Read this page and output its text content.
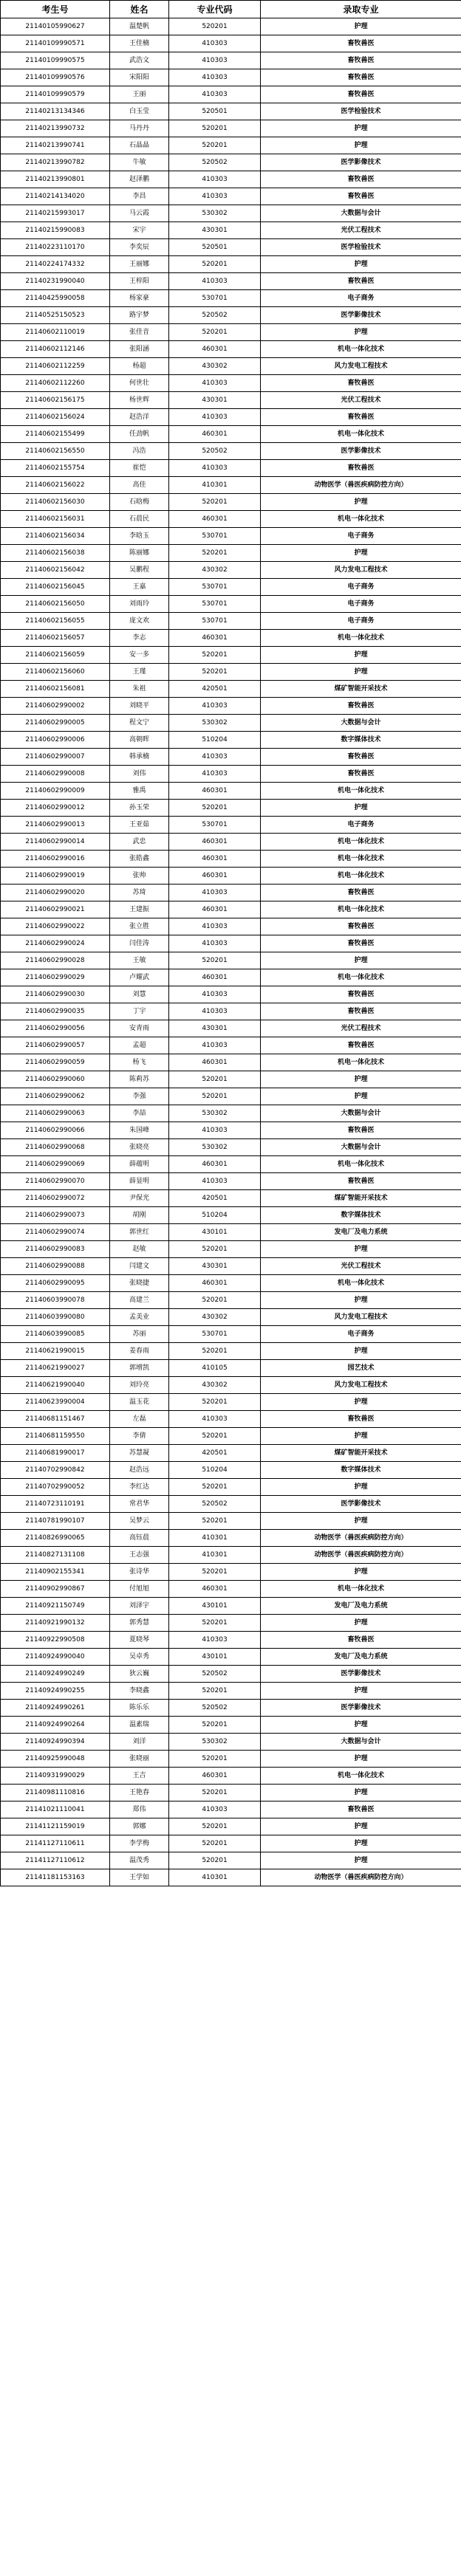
考生号	姓名	专业代码	录取专业
21140105990627	温楚帆	520201	护理
21140109990571	王佳楠	410303	畜牧兽医
21140109990575	武浩文	410303	畜牧兽医
21140109990576	宋阳阳	410303	畜牧兽医
21140109990579	王丽	410303	畜牧兽医
21140213134346	白玉莹	520501	医学检验技术
21140213990732	马丹丹	520201	护理
21140213990741	石晶晶	520201	护理
21140213990782	牛敏	520502	医学影像技术
21140213990801	赵泽鹏	410303	畜牧兽医
21140214134020	李昌	410303	畜牧兽医
21140215993017	马云霞	530302	大数据与会计
21140215990083	宋宇	430301	光伏工程技术
21140223110170	李奕辰	520501	医学检验技术
21140224174332	王丽娜	520201	护理
21140231990040	王梓阳	410303	畜牧兽医
21140425990058	杨家豪	530701	电子商务
21140525150523	路宇梦	520502	医学影像技术
21140602110019	张佳音	520201	护理
21140602112146	张阳涵	460301	机电一体化技术
21140602112259	杨超	430302	风力发电工程技术
21140602112260	何世壮	410303	畜牧兽医
21140602156175	杨世辉	430301	光伏工程技术
21140602156024	赵浩洋	410303	畜牧兽医
21140602155499	任劲帆	460301	机电一体化技术
21140602156550	冯浩	520502	医学影像技术
21140602155754	崔恺	410303	畜牧兽医
21140602156022	高佳	410301	动物医学（兽医疾病防控方向）
21140602156030	石晗梅	520201	护理
21140602156031	石晨民	460301	机电一体化技术
21140602156034	李晗玉	530701	电子商务
21140602156038	陈丽娜	520201	护理
21140602156042	吴鹏程	430302	风力发电工程技术
21140602156045	王嘉	530701	电子商务
21140602156050	刘雨玲	530701	电子商务
21140602156055	庞文欢	530701	电子商务
21140602156057	李志	460301	机电一体化技术
21140602156059	安一多	520201	护理
21140602156060	王瑾	520201	护理
21140602156081	朱祖	420501	煤矿智能开采技术
21140602990002	刘晓平	410303	畜牧兽医
21140602990005	程文宁	530302	大数据与会计
21140602990006	高朝晖	510204	数字媒体技术
21140602990007	韩承楠	410303	畜牧兽医
21140602990008	刘伟	410303	畜牧兽医
21140602990009	雅禹	460301	机电一体化技术
21140602990012	孙玉荣	520201	护理
21140602990013	王亚茹	530701	电子商务
21140602990014	武忠	460301	机电一体化技术
21140602990016	张皓鑫	460301	机电一体化技术
21140602990019	张帅	460301	机电一体化技术
21140602990020	苏琦	410303	畜牧兽医
21140602990021	王建振	460301	机电一体化技术
21140602990022	张立胜	410303	畜牧兽医
21140602990024	闫佳涛	410303	畜牧兽医
21140602990028	王敏	520201	护理
21140602990029	卢耀武	460301	机电一体化技术
21140602990030	刘慧	410303	畜牧兽医
21140602990035	丁宇	410303	畜牧兽医
21140602990056	安青雨	430301	光伏工程技术
21140602990057	孟超	410303	畜牧兽医
21140602990059	杨飞	460301	机电一体化技术
21140602990060	陈莉苏	520201	护理
21140602990062	李强	520201	护理
21140602990063	李喆	530302	大数据与会计
21140602990066	朱国峰	410303	畜牧兽医
21140602990068	张晓亮	530302	大数据与会计
21140602990069	薛蕴明	460301	机电一体化技术
21140602990070	薛显明	410303	畜牧兽医
21140602990072	尹保光	420501	煤矿智能开采技术
21140602990073	胡刚	510204	数字媒体技术
21140602990074	郭世红	430101	发电厂及电力系统
21140602990083	赵敏	520201	护理
21140602990088	闫建文	430301	光伏工程技术
21140602990095	张晓捷	460301	机电一体化技术
21140603990078	高建兰	520201	护理
21140603990080	孟美业	430302	风力发电工程技术
21140603990085	苏丽	530701	电子商务
21140621990015	姜春雨	520201	护理
21140621990027	郭增凯	410105	园艺技术
21140621990040	刘玲亮	430302	风力发电工程技术
21140623990004	温玉花	520201	护理
21140681151467	左磊	410303	畜牧兽医
21140681159550	李倩	520201	护理
21140681990017	苏慧凝	420501	煤矿智能开采技术
21140702990842	赵浩远	510204	数字媒体技术
21140702990052	李红达	520201	护理
21140723110191	常君华	520502	医学影像技术
21140781990107	吴梦云	520201	护理
21140826990065	高钰晨	410301	动物医学（兽医疾病防控方向）
21140827131108	王志强	410301	动物医学（兽医疾病防控方向）
21140902155341	张诗华	520201	护理
21140902990867	付旭旭	460301	机电一体化技术
21140921150749	刘泽宇	430101	发电厂及电力系统
21140921990132	郭秀慧	520201	护理
21140922990508	夏晓琴	410303	畜牧兽医
21140924990040	吴卓秀	430101	发电厂及电力系统
21140924990249	狄云巍	520502	医学影像技术
21140924990255	李晓鑫	520201	护理
21140924990261	陈乐乐	520502	医学影像技术
21140924990264	温素瑞	520201	护理
21140924990394	刘洋	530302	大数据与会计
21140925990048	张晓丽	520201	护理
21140931990029	王吉	460301	机电一体化技术
21140981110816	王艳春	520201	护理
21141021110041	郑伟	410303	畜牧兽医
21141121159019	郭娜	520201	护理
21141127110611	李学梅	520201	护理
21141127110612	温茂秀	520201	护理
21141181153163	王学如	410301	动物医学（兽医疾病防控方向）
